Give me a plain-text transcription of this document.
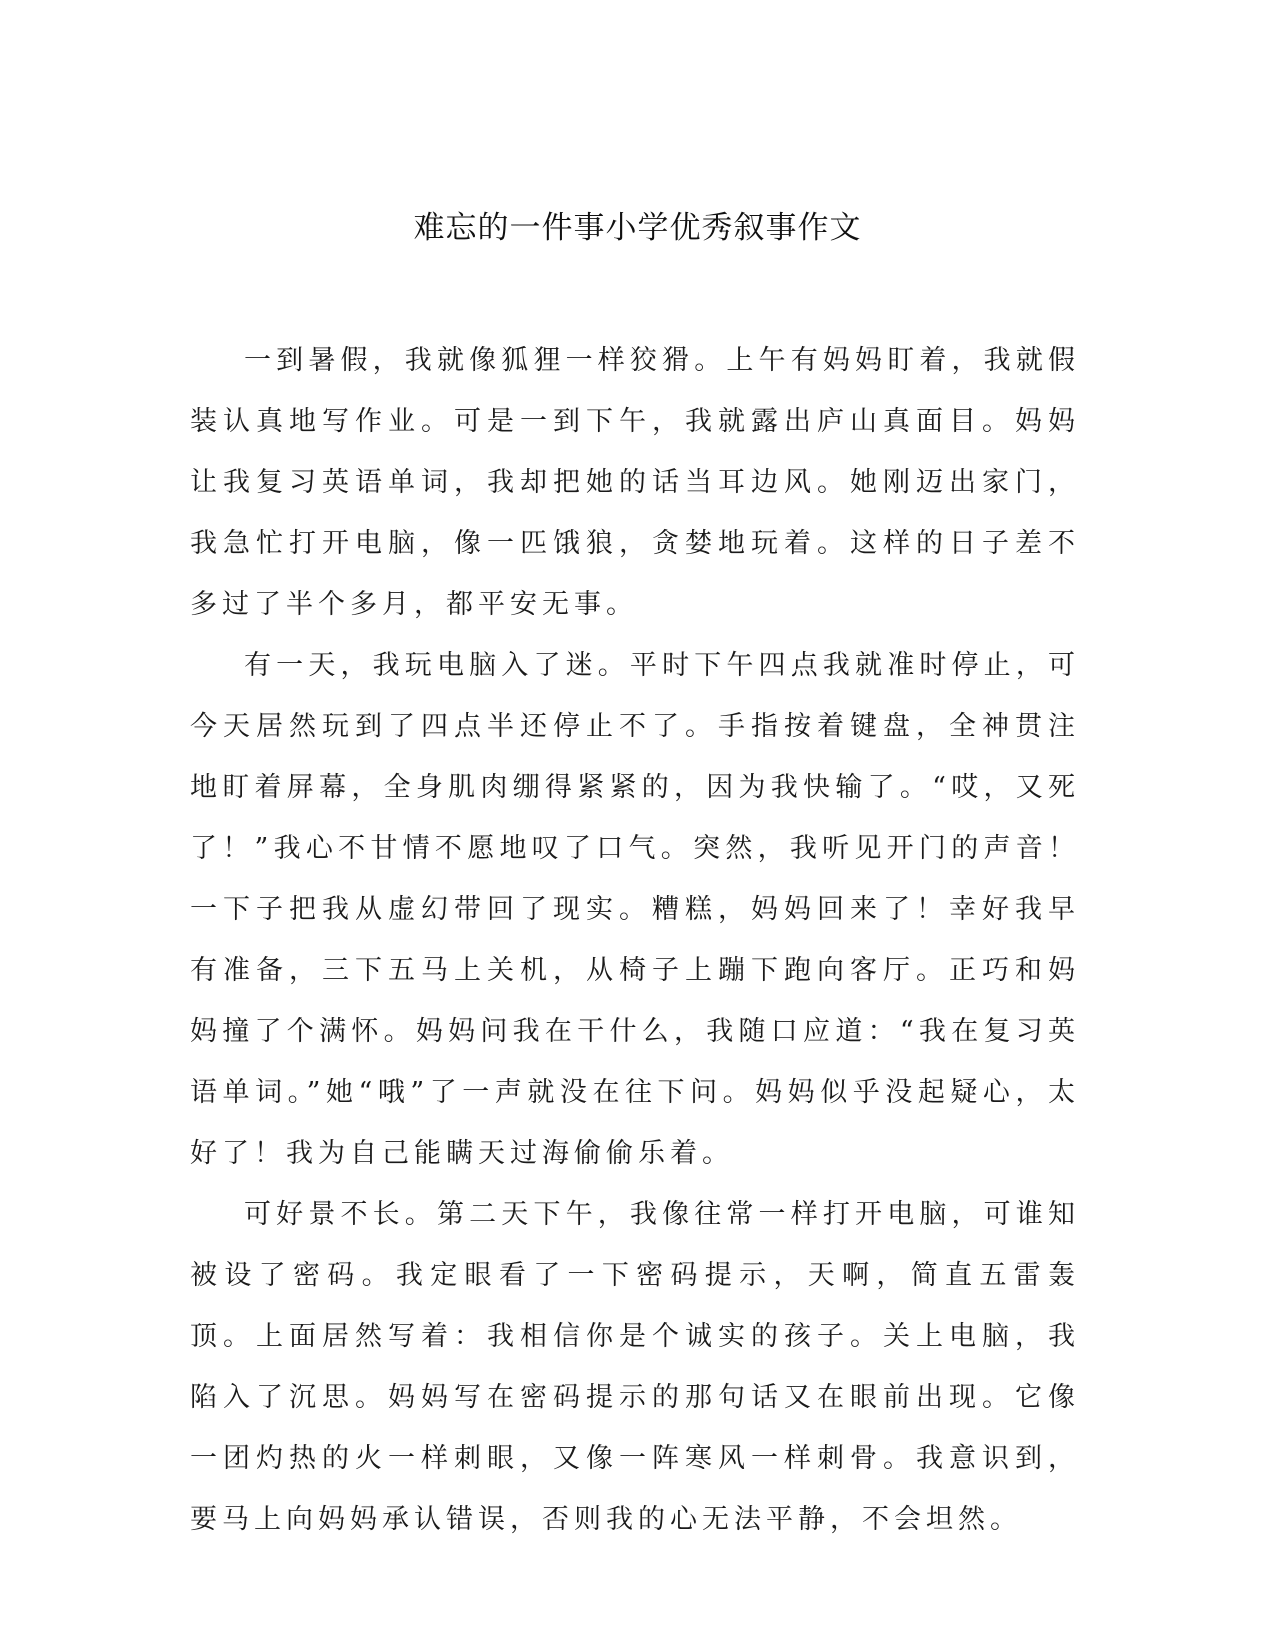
难忘的一件事小学优秀叙事作文

一到暑假，我就像狐狸一样狡猾。上午有妈妈盯着，我就假装认真地写作业。可是一到下午，我就露出庐山真面目。妈妈让我复习英语单词，我却把她的话当耳边风。她刚迈出家门，我急忙打开电脑，像一匹饿狼，贪婪地玩着。这样的日子差不多过了半个多月，都平安无事。

有一天，我玩电脑入了迷。平时下午四点我就准时停止，可今天居然玩到了四点半还停止不了。手指按着键盘，全神贯注地盯着屏幕，全身肌肉绷得紧紧的，因为我快输了。“哎，又死了！”我心不甘情不愿地叹了口气。突然，我听见开门的声音！一下子把我从虚幻带回了现实。糟糕，妈妈回来了！幸好我早有准备，三下五马上关机，从椅子上蹦下跑向客厅。正巧和妈妈撞了个满怀。妈妈问我在干什么，我随口应道：“我在复习英语单词。”她“哦”了一声就没在往下问。妈妈似乎没起疑心，太好了！我为自己能瞒天过海偷偷乐着。

可好景不长。第二天下午，我像往常一样打开电脑，可谁知被设了密码。我定眼看了一下密码提示，天啊，简直五雷轰顶。上面居然写着：我相信你是个诚实的孩子。关上电脑，我陷入了沉思。妈妈写在密码提示的那句话又在眼前出现。它像一团灼热的火一样刺眼，又像一阵寒风一样刺骨。我意识到，要马上向妈妈承认错误，否则我的心无法平静，不会坦然。
